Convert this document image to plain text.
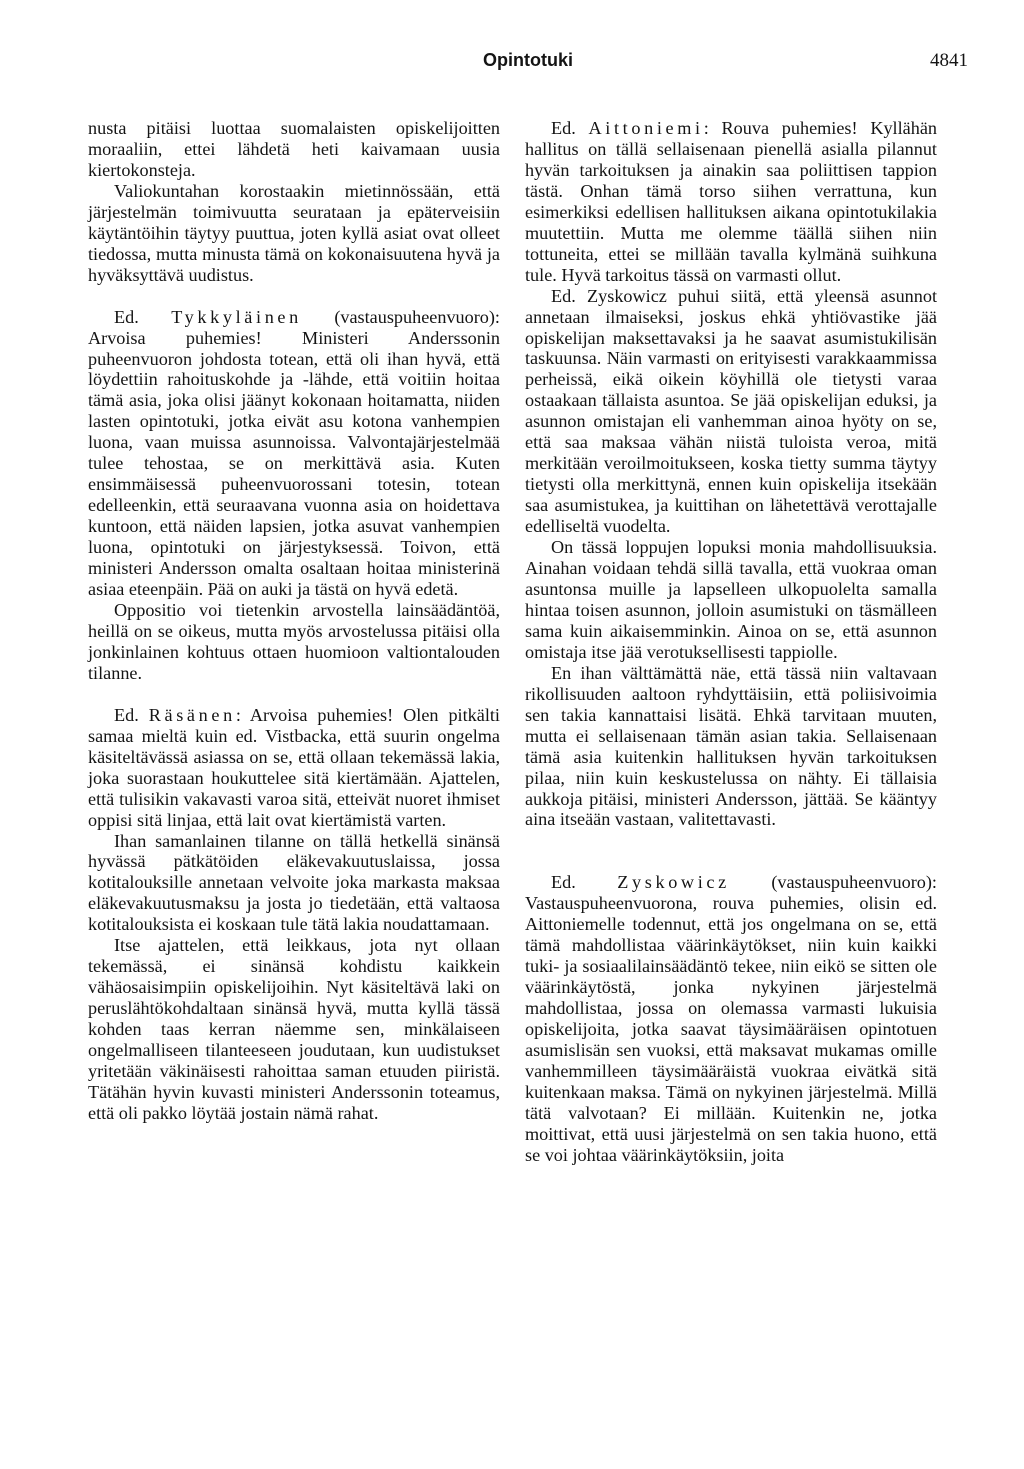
Opintotuki	4841

nusta pitäisi luottaa suomalaisten opiskelijoitten moraaliin, ettei lähdetä heti kaivamaan uusia kiertokonsteja.

Valiokuntahan korostaakin mietinnössään, että järjestelmän toimivuutta seurataan ja epäterveisiin käytäntöihin täytyy puuttua, joten kyllä asiat ovat olleet tiedossa, mutta minusta tämä on kokonaisuutena hyvä ja hyväksyttävä uudistus.

Ed. Tykkyläinen (vastauspuheenvuoro): Arvoisa puhemies! Ministeri Anderssonin puheenvuoron johdosta totean, että oli ihan hyvä, että löydettiin rahoituskohde ja -lähde, että voitiin hoitaa tämä asia, joka olisi jäänyt kokonaan hoitamatta, niiden lasten opintotuki, jotka eivät asu kotona vanhempien luona, vaan muissa asunnoissa. Valvontajärjestelmää tulee tehostaa, se on merkittävä asia. Kuten ensimmäisessä puheenvuorossani totesin, totean edelleenkin, että seuraavana vuonna asia on hoidettava kuntoon, että näiden lapsien, jotka asuvat vanhempien luona, opintotuki on järjestyksessä. Toivon, että ministeri Andersson omalta osaltaan hoitaa ministerinä asiaa eteenpäin. Pää on auki ja tästä on hyvä edetä.

Oppositio voi tietenkin arvostella lainsäädäntöä, heillä on se oikeus, mutta myös arvostelussa pitäisi olla jonkinlainen kohtuus ottaen huomioon valtiontalouden tilanne.

Ed. Räsänen: Arvoisa puhemies! Olen pitkälti samaa mieltä kuin ed. Vistbacka, että suurin ongelma käsiteltävässä asiassa on se, että ollaan tekemässä lakia, joka suorastaan houkuttelee sitä kiertämään. Ajattelen, että tulisikin vakavasti varoa sitä, etteivät nuoret ihmiset oppisi sitä linjaa, että lait ovat kiertämistä varten.

Ihan samanlainen tilanne on tällä hetkellä sinänsä hyvässä pätkätöiden eläkevakuutuslaissa, jossa kotitalouksille annetaan velvoite joka markasta maksaa eläkevakuutusmaksu ja josta jo tiedetään, että valtaosa kotitalouksista ei koskaan tule tätä lakia noudattamaan.

Itse ajattelen, että leikkaus, jota nyt ollaan tekemässä, ei sinänsä kohdistu kaikkein vähäosaisimpiin opiskelijoihin. Nyt käsiteltävä laki on peruslähtökohdaltaan sinänsä hyvä, mutta kyllä tässä kohden taas kerran näemme sen, minkälaiseen ongelmalliseen tilanteeseen joudutaan, kun uudistukset yritetään väkinäisesti rahoittaa saman etuuden piiristä. Tätähän hyvin kuvasti ministeri Anderssonin toteamus, että oli pakko löytää jostain nämä rahat.

Ed. Aittoniemi: Rouva puhemies! Kyllähän hallitus on tällä sellaisenaan pienellä asialla pilannut hyvän tarkoituksen ja ainakin saa poliittisen tappion tästä. Onhan tämä torso siihen verrattuna, kun esimerkiksi edellisen hallituksen aikana opintotukilakia muutettiin. Mutta me olemme täällä siihen niin tottuneita, ettei se millään tavalla kylmänä suihkuna tule. Hyvä tarkoitus tässä on varmasti ollut.

Ed. Zyskowicz puhui siitä, että yleensä asunnot annetaan ilmaiseksi, joskus ehkä yhtiövastike jää opiskelijan maksettavaksi ja he saavat asumistukilisän taskuunsa. Näin varmasti on erityisesti varakkaammissa perheissä, eikä oikein köyhillä ole tietysti varaa ostaakaan tällaista asuntoa. Se jää opiskelijan eduksi, ja asunnon omistajan eli vanhemman ainoa hyöty on se, että saa maksaa vähän niistä tuloista veroa, mitä merkitään veroilmoitukseen, koska tietty summa täytyy tietysti olla merkittynä, ennen kuin opiskelija itsekään saa asumistukea, ja kuittihan on lähetettävä verottajalle edelliseltä vuodelta.

On tässä loppujen lopuksi monia mahdollisuuksia. Ainahan voidaan tehdä sillä tavalla, että vuokraa oman asuntonsa muille ja lapselleen ulkopuolelta samalla hintaa toisen asunnon, jolloin asumistuki on täsmälleen sama kuin aikaisemminkin. Ainoa on se, että asunnon omistaja itse jää verotuksellisesti tappiolle.

En ihan välttämättä näe, että tässä niin valtavaan rikollisuuden aaltoon ryhdyttäisiin, että poliisivoimia sen takia kannattaisi lisätä. Ehkä tarvitaan muuten, mutta ei sellaisenaan tämän asian takia. Sellaisenaan tämä asia kuitenkin hallituksen hyvän tarkoituksen pilaa, niin kuin keskustelussa on nähty. Ei tällaisia aukkoja pitäisi, ministeri Andersson, jättää. Se kääntyy aina itseään vastaan, valitettavasti.

Ed. Zyskowicz (vastauspuheenvuoro): Vastauspuheenvuorona, rouva puhemies, olisin ed. Aittoniemelle todennut, että jos ongelmana on se, että tämä mahdollistaa väärinkäytökset, niin kuin kaikki tuki- ja sosiaalilainsäädäntö tekee, niin eikö se sitten ole väärinkäytöstä, jonka nykyinen järjestelmä mahdollistaa, jossa on olemassa varmasti lukuisia opiskelijoita, jotka saavat täysimääräisen opintotuen asumislisän sen vuoksi, että maksavat mukamas omille vanhemmilleen täysimääräistä vuokraa eivätkä sitä kuitenkaan maksa. Tämä on nykyinen järjestelmä. Millä tätä valvotaan? Ei millään. Kuitenkin ne, jotka moittivat, että uusi järjestelmä on sen takia huono, että se voi johtaa väärinkäytöksiin, joita
